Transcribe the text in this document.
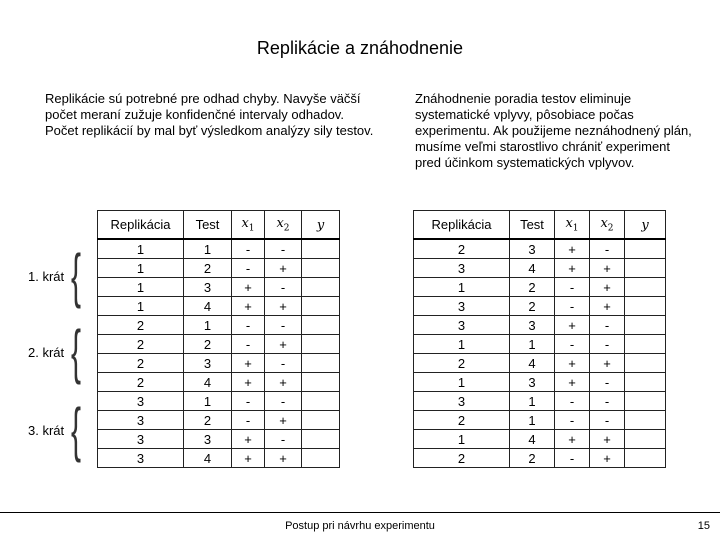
Replikácie a znáhodnenie
Replikácie sú potrebné pre odhad chyby. Navyše väčší počet meraní zužuje konfidenčné intervaly odhadov. Počet replikácií by mal byť výsledkom analýzy sily testov.
Znáhodnenie poradia testov eliminuje systematické vplyvy, pôsobiace počas experimentu. Ak použijeme neznáhodnený plán, musíme veľmi starostlivo chrániť experiment pred účinkom systematických vplyvov.
1. krát {
2. krát {
3. krát {
Replikácia	Test	$x_1$	$x_2$	y
1	1	-	-	
1	2	-	+	
1	3	+	-	
1	4	+	+	
2	1	-	-	
2	2	-	+	
2	3	+	-	
2	4	+	+	
3	1	-	-	
3	2	-	+	
3	3	+	-	
3	4	+	+	
Replikácia	Test	$x_1$	$x_2$	y
2	3	+	-	
3	4	+	+	
1	2	-	+	
3	2	-	+	
3	3	+	-	
1	1	-	-	
2	4	+	+	
1	3	+	-	
3	1	-	-	
2	1	-	-	
1	4	+	+	
2	2	-	+	
Postup pri návrhu experimentu	15
